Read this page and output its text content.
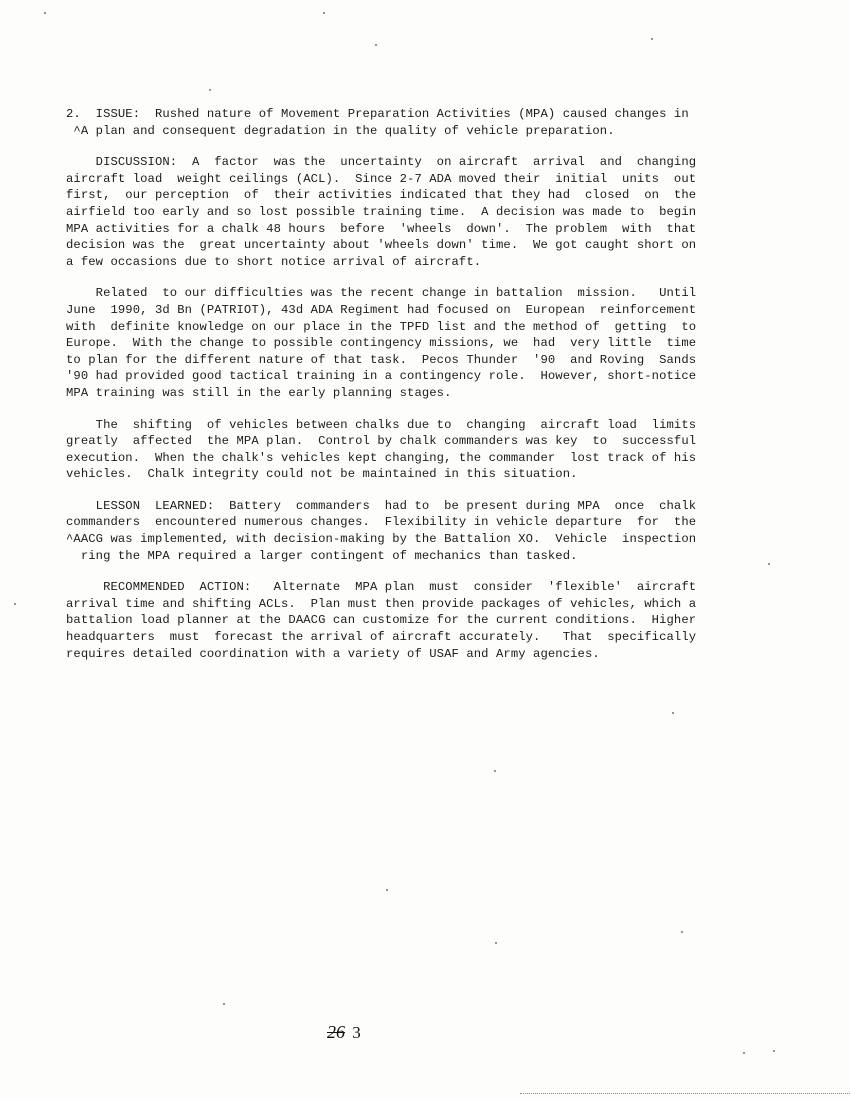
2.  ISSUE:  Rushed nature of Movement Preparation Activities (MPA) caused changes in
^A plan and consequent degradation in the quality of vehicle preparation.
DISCUSSION:  A  factor  was the  uncertainty  on aircraft  arrival  and  changing
aircraft load  weight ceilings (ACL).  Since 2-7 ADA moved their  initial  units  out
first,  our perception  of  their activities indicated that they had  closed  on  the
airfield too early and so lost possible training time.  A decision was made to  begin
MPA activities for a chalk 48 hours  before  'wheels  down'.  The problem  with  that
decision was the  great uncertainty about 'wheels down' time.  We got caught short on
a few occasions due to short notice arrival of aircraft.
Related  to our difficulties was the recent change in battalion  mission.   Until
June  1990, 3d Bn (PATRIOT), 43d ADA Regiment had focused on  European  reinforcement
with  definite knowledge on our place in the TPFD list and the method of  getting  to
Europe.  With the change to possible contingency missions, we  had  very little  time
to plan for the different nature of that task.  Pecos Thunder  '90  and Roving  Sands
'90 had provided good tactical training in a contingency role.  However, short-notice
MPA training was still in the early planning stages.
The  shifting  of vehicles between chalks due to  changing  aircraft load  limits
greatly  affected  the MPA plan.  Control by chalk commanders was key  to  successful
execution.  When the chalk's vehicles kept changing, the commander  lost track of his
vehicles.  Chalk integrity could not be maintained in this situation.
LESSON  LEARNED:  Battery  commanders  had to  be present during MPA  once  chalk
commanders  encountered numerous changes.  Flexibility in vehicle departure  for  the
^AACG was implemented, with decision-making by the Battalion XO.  Vehicle  inspection
ring the MPA required a larger contingent of mechanics than tasked.
RECOMMENDED  ACTION:   Alternate  MPA plan  must  consider  'flexible'  aircraft
arrival time and shifting ACLs.  Plan must then provide packages of vehicles, which a
battalion load planner at the DAACG can customize for the current conditions.  Higher
headquarters  must  forecast the arrival of aircraft accurately.   That  specifically
requires detailed coordination with a variety of USAF and Army agencies.
26 3
